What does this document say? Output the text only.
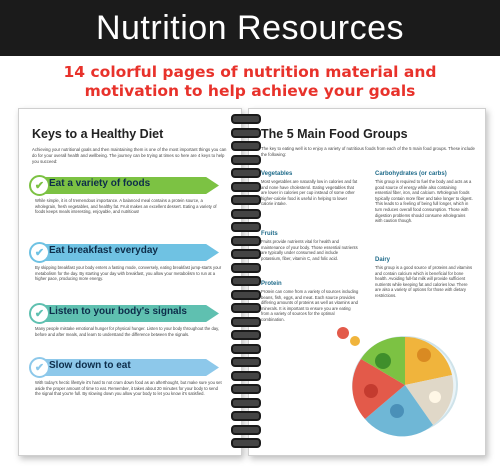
Nutrition Resources
14 colorful pages of nutrition material and
motivation to help achieve your goals
Keys to a Healthy Diet
Achieving your nutritional goals and then maintaining them is one of the most important things you can do for your overall health and wellbeing. The journey can be trying at times so here are 4 keys to help you succeed:
✔ Eat a variety of foods
While simple, it is of tremendous importance. A balanced meal contains a protein source, a wholegrain, fresh vegetables, and healthy fat. Fruit makes an excellent dessert. Eating a variety of foods keeps meals interesting, enjoyable, and nutritious!
✔ Eat breakfast everyday
By skipping breakfast your body enters a fasting mode, conversely, eating breakfast jump-starts your metabolism for the day. By starting your day with breakfast, you allow your metabolism to run at a higher pace, producing more energy.
✔ Listen to your body's signals
Many people mistake emotional hunger for physical hunger. Listen to your body throughout the day, before and after meals, and learn to understand the difference between the signals.
✔ Slow down to eat
With today's hectic lifestyle it's hard to not cram down food as an afterthought, but make sure you set aside the proper amount of time to eat. Remember, it takes about 20 minutes for your body to send the signal that you're full. By slowing down you allow your body to let you know it's satisfied.
The 5 Main Food Groups
The key to eating well is to enjoy a variety of nutritious foods from each of the 5 main food groups. These include the following:
Vegetables

Most vegetables are naturally low in calories and fat and none have cholesterol. Eating vegetables that are lower in calories per cup instead of some other higher-calorie food is useful in helping to lower calorie intake.

Fruits

Fruits provide nutrients vital for health and maintenance of your body. Those essential nutrients are typically under consumed and include potassium, fiber, vitamin C, and folic acid.

Protein

Protein can come from a variety of sources including beans, fish, eggs, and meat. Each source provides differing amounts of proteins as well as vitamins and minerals. It is important to ensure you are eating from a variety of sources for the optimal combination.

Carbohydrates (or carbs)

This group is required to fuel the body and acts as a good source of energy while also containing essential fiber, iron, and calcium. Wholegrain foods typically contain more fiber and take longer to digest. This leads to a feeling of being full longer, which in turn reduces overall food consumption. Those with digestion problems should consume wholegrains with caution though.

Dairy

This group is a good source of proteins and vitamins and contain calcium which is beneficial for bone health. Avoiding full-fat milk will provide sufficient nutrients while keeping fat and calories low. There are also a variety of options for those with dietary restrictions.
